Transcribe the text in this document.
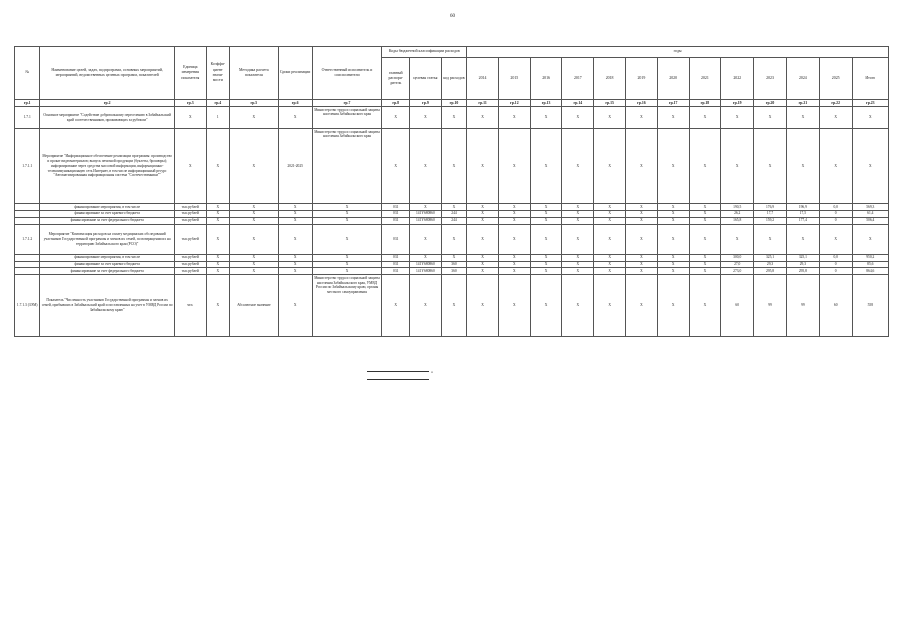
60
№	Наименование целей, задач, подпрограмм, основных мероприятий, мероприятий, ведомственных целевых программ, показателей	Единица измерения показателя	Коэффи-циент значи-мости	Методика расчета показателя	Сроки реализации	Ответственный исполнитель и соисполнители	Коды бюджетной классификации расходов			годы												
							главный распоря-дитель	целевая статья	код расходов	2014	2015	2016	2017	2018	2019	2020	2021	2022	2023	2024	2025	Итого
гр.1	гр.2	гр.3	гр.4	гр.5	гр.6	гр.7	гр.8	гр.9	гр.10	гр.11	гр.12	гр.13	гр.14	гр.15	гр.16	гр.17	гр.18	гр.19	гр.20	гр.21	гр.22	гр.23
1.7.1	Основное мероприятие "Содействие добровольному переселению в Забайкальский край соотечественников, проживающих за рубежом"	X	1	X	X	Министерство труда и социальной защиты населения Забайкальского края	X	X	X	X	X	X	X	X	X	X	X	X	X	X	X	X
1.7.1.1	Мероприятие "Информационное обеспечение реализации программы: производство и прокат видеоматериалов; выпуск печатной продукции (буклеты, брошюры); информирование через средства массовой информации, информационно-телекоммуникационную сеть Интернет, в том числе информационный ресурс "Автоматизированная информационная система "Соотечественники""	X	X	X	2021-2025	Министерство труда и социальной защиты населения Забайкальского края	X	X	X	X	X	X	X	X	X	X	X	X	X	X	X	X
	финансирование мероприятия, в том числе	тыс.рублей	X	X	X	X	031	X	X	X	X	X	X	X	X	X	X	190,5	176,9	196,9	0,0	569,3
	финансирование за счет краевого бюджета	тыс.рублей	X	X	X	X	031	141Y680860	244	X	X	X	X	X	X	X	X	26,2	17,7	17,5	0	61,4
	финансирование за счет федерального бюджета	тыс.рублей	X	X	X	X	031	141Y680860	244	X	X	X	X	X	X	X	X	165,8	159,2	177,4	0	506,4
1.7.1.2	Мероприятие "Компенсация расходов на оплату медицинских обследований участников Государственной программы и членов их семей, по возвращении их на территорию Забайкальского края (РСО)"	тыс.рублей	X	X	X	X	031	X	X	X	X	X	X	X	X	X	X	X	X	X	X	X
	финансирование мероприятия, в том числе	тыс.рублей	X	X	X	X	031	X	X	X	X	X	X	X	X	X	X	300,0	325,1	325,1	0,0	950,2
	финансирование за счет краевого бюджета	тыс.рублей	X	X	X	X	031	141Y680860	360	X	X	X	X	X	X	X	X	27,0	29,3	29,3	0	85,6
	финансирование за счет федерального бюджета	тыс.рублей	X	X	X	X	031	141Y680860	360	X	X	X	X	X	X	X	X	273,0	295,8	295,8	0	864,6
1.7.1.3 (ЗЭМ)	Показатель "Численность участников Государственной программы и членов их семей, прибывших в Забайкальский край и поставленных на учет в УМВД России по Забайкальскому краю"	чел.	X	Абсолютное значение	X	Министерство труда и социальной защиты населения Забайкальского края, УМВД России по Забайкальскому краю, органы местного самоуправления	X	X	X	X	X	X	X	X	X	X	X	60	99	99	60	558
»
